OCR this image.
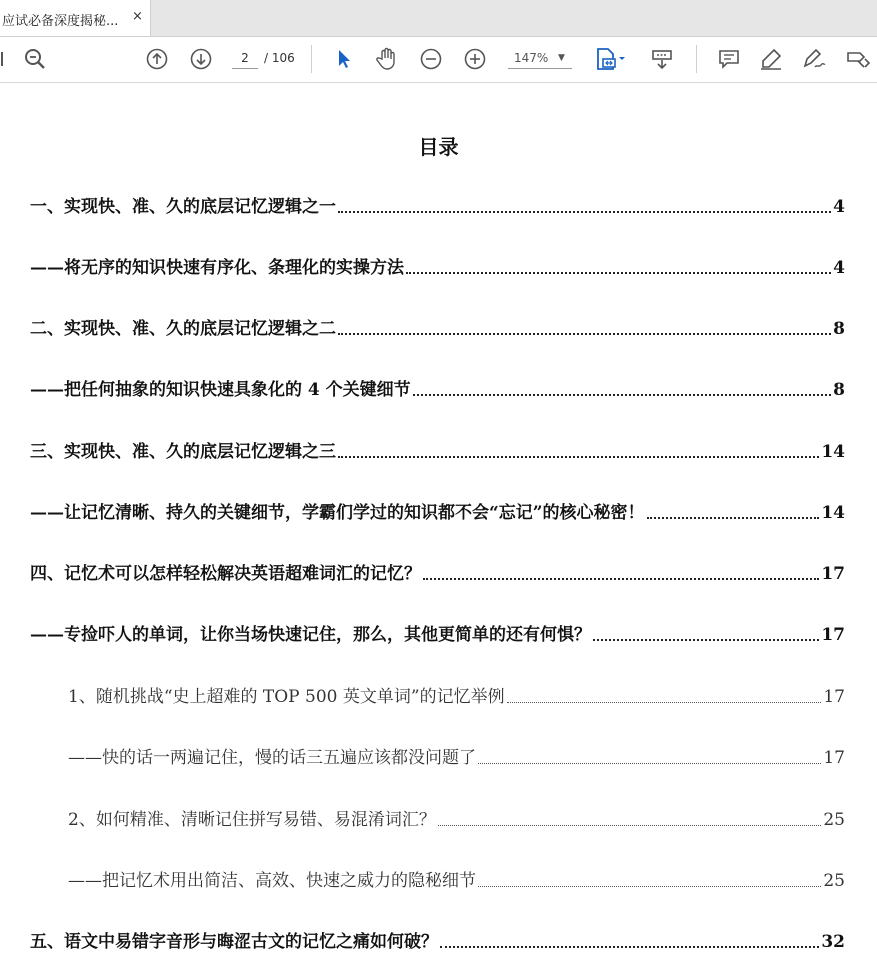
应试必备深度揭秘...	×
2	/ 106	147% ▼
目录
一、实现快、准、久的底层记忆逻辑之一	4
——将无序的知识快速有序化、条理化的实操方法	4
二、实现快、准、久的底层记忆逻辑之二	8
——把任何抽象的知识快速具象化的 4 个关键细节	8
三、实现快、准、久的底层记忆逻辑之三	14
——让记忆清晰、持久的关键细节，学霸们学过的知识都不会“忘记”的核心秘密！	14
四、记忆术可以怎样轻松解决英语超难词汇的记忆？	17
——专捡吓人的单词，让你当场快速记住，那么，其他更简单的还有何惧？	17
1、随机挑战“史上超难的 TOP 500 英文单词”的记忆举例	17
——快的话一两遍记住，慢的话三五遍应该都没问题了	17
2、如何精准、清晰记住拼写易错、易混淆词汇？	25
——把记忆术用出简洁、高效、快速之威力的隐秘细节	25
五、语文中易错字音形与晦涩古文的记忆之痛如何破？	32
